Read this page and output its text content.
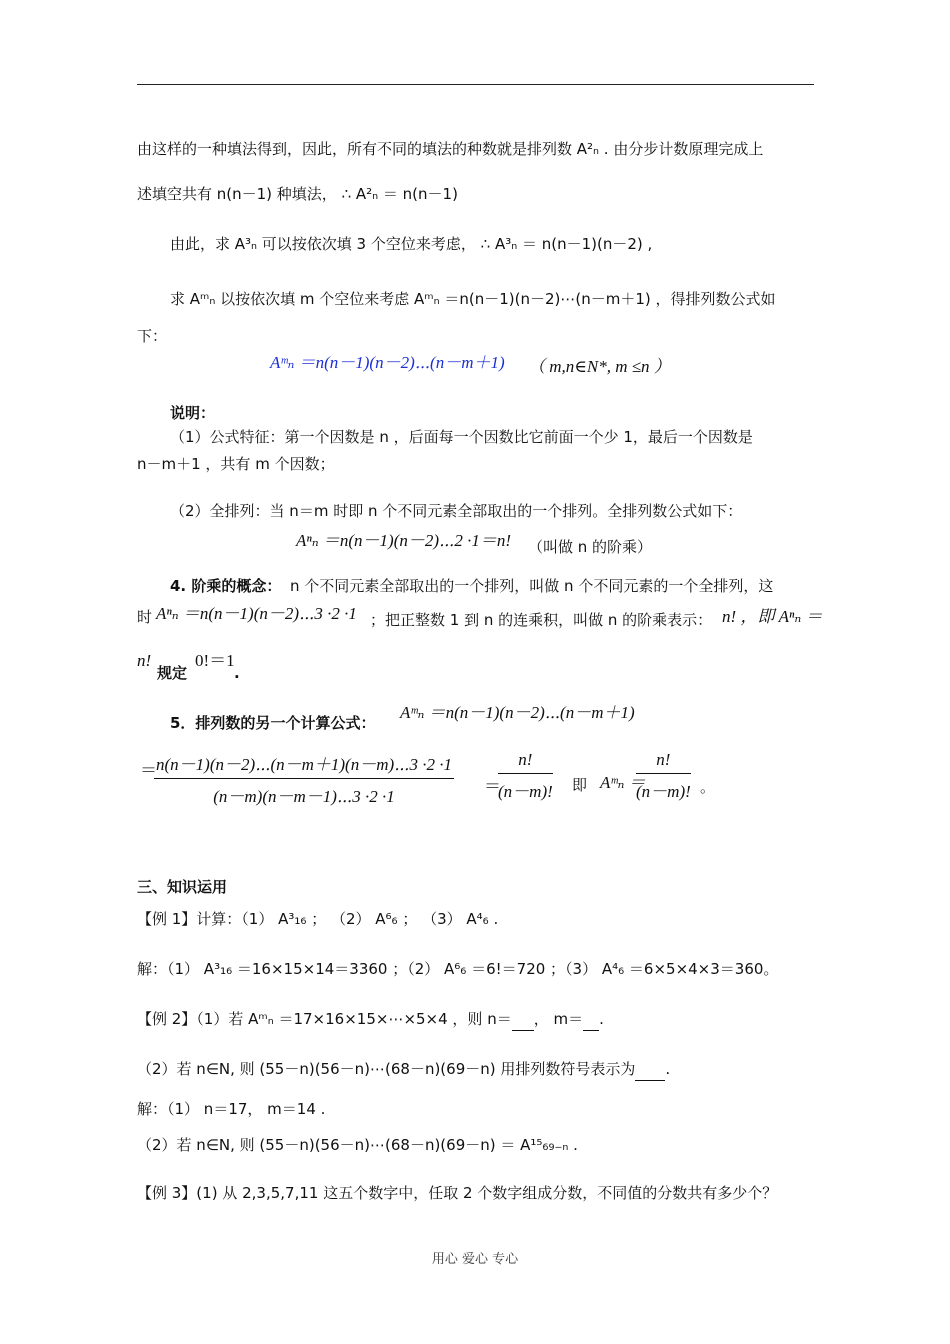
由这样的一种填法得到，因此，所有不同的填法的种数就是排列数 A²ₙ . 由分步计数原理完成上
述填空共有 n(n－1) 种填法， ∴ A²ₙ ＝ n(n－1)
由此，求 A³ₙ 可以按依次填 3 个空位来考虑， ∴ A³ₙ ＝ n(n－1)(n－2) ,
求 Aᵐₙ 以按依次填 m 个空位来考虑 Aᵐₙ ＝n(n－1)(n－2)⋯(n－m＋1) ，得排列数公式如
下：
Aᵐₙ ＝n(n－1)(n－2)⋯(n－m＋1) （ m,n∈N*, m ≤n ）
说明：
（1）公式特征：第一个因数是 n ，后面每一个因数比它前面一个少 1，最后一个因数是
n－m＋1 ，共有 m 个因数；
（2）全排列：当 n＝m 时即 n 个不同元素全部取出的一个排列。全排列数公式如下：
Aⁿₙ ＝n(n－1)(n－2)⋯2 ·1＝n! （叫做 n 的阶乘）
4. 阶乘的概念： n 个不同元素全部取出的一个排列，叫做 n 个不同元素的一个全排列，这
时 Aⁿₙ ＝n(n－1)(n－2)⋯3 ·2 ·1 ；把正整数 1 到 n 的连乘积，叫做 n 的阶乘表示： n! ，即 Aⁿₙ ＝
n!
规定
0!＝1
.
5．排列数的另一个计算公式：
Aᵐₙ ＝n(n－1)(n－2)⋯(n－m＋1)
＝
$\frac{n(n-1)(n-2)\cdots(n-m+1)(n-m)\cdots 3 \cdot 2 \cdot 1}{(n-m)(n-m-1)\cdots 3 \cdot 2 \cdot 1}$ ＝
$\frac{n!}{(n-m)!}$ 即 Aᵐₙ ＝
$\frac{n!}{(n-m)!}$ 。
三、知识运用
【例 1】计算：（1） A³₁₆ ； （2） A⁶₆ ； （3） A⁴₆ .
解：（1） A³₁₆ ＝16×15×14＝3360 ；（2） A⁶₆ ＝6!＝720 ；（3） A⁴₆ ＝6×5×4×3＝360。
【例 2】（1）若 Aᵐₙ ＝17×16×15×⋯×5×4 ，则 n＝ ， m＝ .
（2）若 n∈N, 则 (55－n)(56－n)⋯(68－n)(69－n) 用排列数符号表示为 .
解：（1） n＝17， m＝14 .
（2）若 n∈N, 则 (55－n)(56－n)⋯(68－n)(69－n) ＝ A¹⁵₆₉₋ₙ .
【例 3】(1) 从 2,3,5,7,11 这五个数字中，任取 2 个数字组成分数，不同值的分数共有多少个？
用心 爱心 专心
